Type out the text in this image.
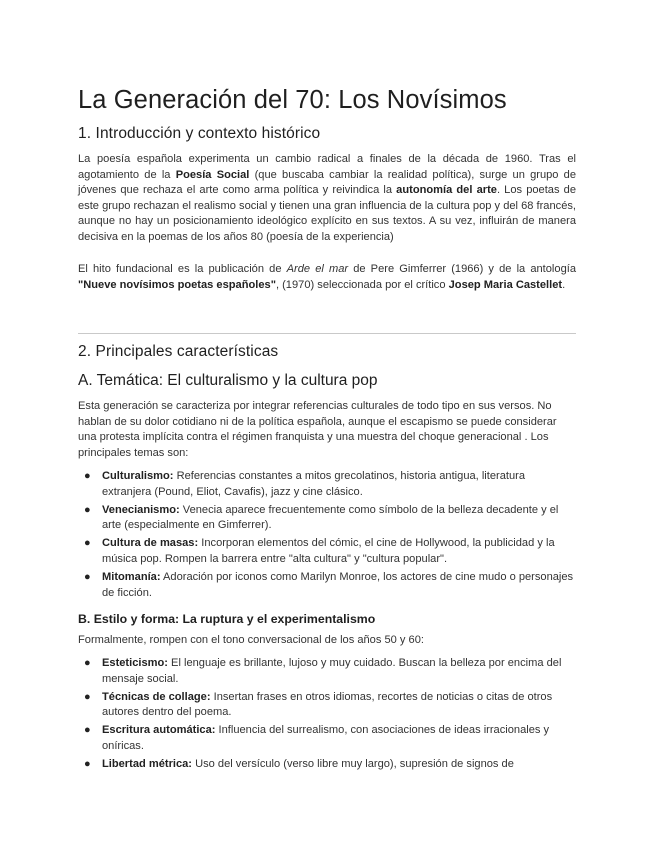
La Generación del 70: Los Novísimos
1. Introducción y contexto histórico

La poesía española experimenta un cambio radical a finales de la década de 1960. Tras el agotamiento de la Poesía Social (que buscaba cambiar la realidad política), surge un grupo de jóvenes que rechaza el arte como arma política y reivindica la autonomía del arte. Los poetas de este grupo rechazan el realismo social y tienen una gran influencia de la cultura pop y del 68 francés, aunque no hay un posicionamiento ideológico explícito en sus textos. A su vez, influirán de manera decisiva en la poemas de los años 80 (poesía de la experiencia)

El hito fundacional es la publicación de Arde el mar de Pere Gimferrer (1966) y de la antología "Nueve novísimos poetas españoles", (1970) seleccionada por el crítico Josep Maria Castellet.

2. Principales características
A. Temática: El culturalismo y la cultura pop

Esta generación se caracteriza por integrar referencias culturales de todo tipo en sus versos. No hablan de su dolor cotidiano ni de la política española, aunque el escapismo se puede considerar una protesta implícita contra el régimen franquista y una muestra del choque generacional . Los principales temas son:

● Culturalismo: Referencias constantes a mitos grecolatinos, historia antigua, literatura extranjera (Pound, Eliot, Cavafis), jazz y cine clásico.
● Venecianismo: Venecia aparece frecuentemente como símbolo de la belleza decadente y el arte (especialmente en Gimferrer).
● Cultura de masas: Incorporan elementos del cómic, el cine de Hollywood, la publicidad y la música pop. Rompen la barrera entre "alta cultura" y "cultura popular".
● Mitomanía: Adoración por iconos como Marilyn Monroe, los actores de cine mudo o personajes de ficción.
B. Estilo y forma: La ruptura y el experimentalismo

Formalmente, rompen con el tono conversacional de los años 50 y 60:

● Esteticismo: El lenguaje es brillante, lujoso y muy cuidado. Buscan la belleza por encima del mensaje social.
● Técnicas de collage: Insertan frases en otros idiomas, recortes de noticias o citas de otros autores dentro del poema.
● Escritura automática: Influencia del surrealismo, con asociaciones de ideas irracionales y oníricas.
● Libertad métrica: Uso del versículo (verso libre muy largo), supresión de signos de
